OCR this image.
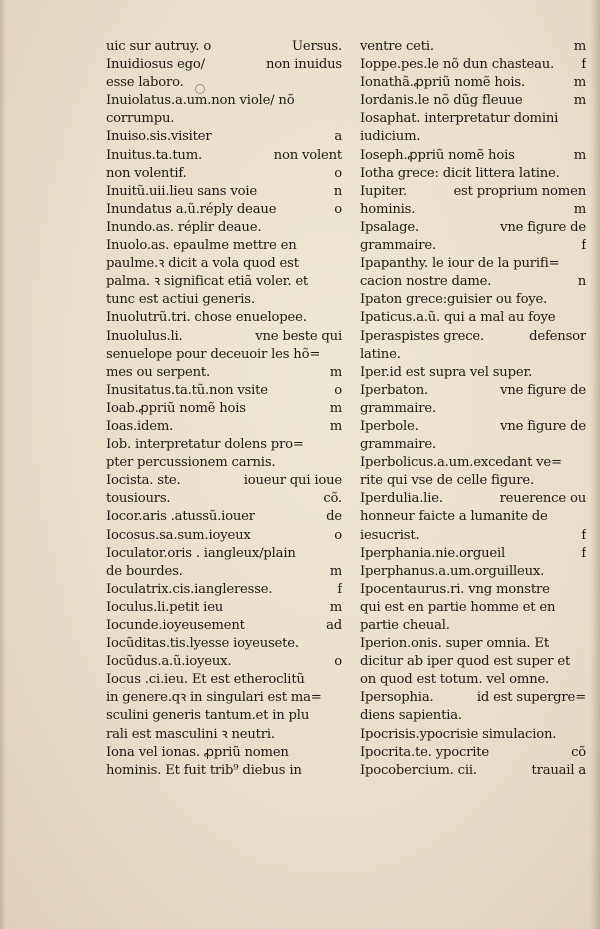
uic sur autruy. o	Uersus.
Inuidiosus ego/	non inuidus
esse laboro.
Inuiolatus.a.um.non viole/ nõ
corrumpu.
Inuiso.sis.visiter	a
Inuitus.ta.tum.	non volent
non volentif.	o
Inuitũ.uii.lieu sans voie	n
Inundatus a.ũ.réply deaue	o
Inundo.as. réplir deaue.
Inuolo.as. epaulme mettre en
paulme.ꝛ dicit a vola quod est
palma. ꝛ significat etiã voler. et
tunc est actiui generis.
Inuolutrũ.tri. chose enuelopee.
Inuolulus.li.	vne beste qui
senuelope pour deceuoir les hõ=
mes ou serpent.	m
Inusitatus.ta.tũ.non vsite	o
Ioab.ꝓpriũ nomẽ hois	m
Ioas.idem.	m
Iob. interpretatur dolens pro=
pter percussionem carnis.
Iocista. ste.	ioueur qui ioue
tousiours.	cõ.
Iocor.aris .atussũ.iouer	de
Iocosus.sa.sum.ioyeux	o
Ioculator.oris . iangleux/plain
de bourdes.	m
Ioculatrix.cis.iangleresse.	f
Ioculus.li.petit ieu	m
Iocunde.ioyeusement	ad
Iocũditas.tis.lyesse ioyeusete.
Iocũdus.a.ũ.ioyeux.	o
Iocus .ci.ieu. Et est etheroclitũ
in genere.qꝛ in singulari est ma=
sculini generis tantum.et in plu
rali est masculini ꝛ neutri.
Iona vel ionas. ꝓpriũ nomen
hominis. Et fuit trib⁹ diebus in
ventre ceti.	m
Ioppe.pes.le nõ dun chasteau.	f
Ionathã.ꝓpriũ nomẽ hois.	m
Iordanis.le nõ dũg fleuue	m
Iosaphat. interpretatur domini
iudicium.
Ioseph.ꝓpriũ nomẽ hois	m
Iotha grece: dicit littera latine.
Iupiter.	est proprium nomen
hominis.	m
Ipsalage.	vne figure de
grammaire.	f
Ipapanthy. le iour de la purifi=
cacion nostre dame.	n
Ipaton grece:guisier ou foye.
Ipaticus.a.ũ. qui a mal au foye
Iperaspistes grece.	defensor
latine.
Iper.id est supra vel super.
Iperbaton.	vne figure de
grammaire.
Iperbole.	vne figure de
grammaire.
Iperbolicus.a.um.excedant ve=
rite qui vse de celle figure.
Iperdulia.lie.	reuerence ou
honneur faicte a lumanite de
iesucrist.	f
Iperphania.nie.orgueil	f
Iperphanus.a.um.orguilleux.
Ipocentaurus.ri. vng monstre
qui est en partie homme et en
partie cheual.
Iperion.onis. super omnia. Et
dicitur ab iper quod est super et
on quod est totum. vel omne.
Ipersophia.	id est supergre=
diens sapientia.
Ipocrisis.ypocrisie simulacion.
Ipocrita.te. ypocrite	cõ
Ipocobercium. cii.	trauail a
